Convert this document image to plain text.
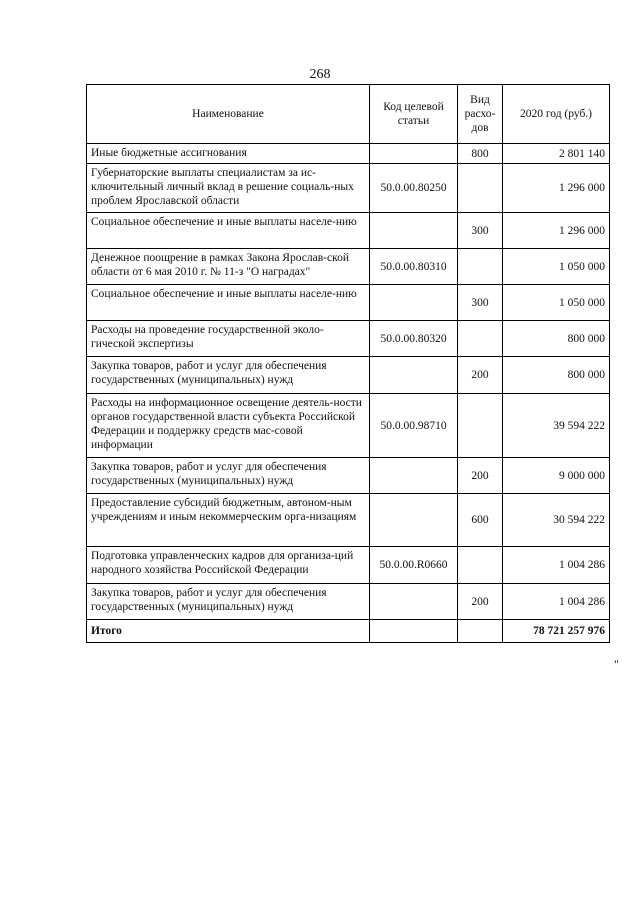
268
Наименование	Код целевой статьи	Вид расхо-дов	2020 год (руб.)
Иные бюджетные ассигнования		800	2 801 140
Губернаторские выплаты специалистам за ис-ключительный личный вклад в решение социаль-ных проблем Ярославской области	50.0.00.80250		1 296 000
Социальное обеспечение и иные выплаты населе-нию		300	1 296 000
Денежное поощрение в рамках Закона Ярослав-ской области от 6 мая 2010 г. № 11-з "О наградах"	50.0.00.80310		1 050 000
Социальное обеспечение и иные выплаты населе-нию		300	1 050 000
Расходы на проведение государственной эколо-гической экспертизы	50.0.00.80320		800 000
Закупка товаров, работ и услуг для обеспечения государственных (муниципальных) нужд		200	800 000
Расходы на информационное освещение деятель-ности органов государственной власти субъекта Российской Федерации и поддержку средств мас-совой информации	50.0.00.98710		39 594 222
Закупка товаров, работ и услуг для обеспечения государственных (муниципальных) нужд		200	9 000 000
Предоставление субсидий бюджетным, автоном-ным учреждениям и иным некоммерческим орга-низациям		600	30 594 222
Подготовка управленческих кадров для организа-ций народного хозяйства Российской Федерации	50.0.00.R0660		1 004 286
Закупка товаров, работ и услуг для обеспечения государственных (муниципальных) нужд		200	1 004 286
Итого			78 721 257 976
"
